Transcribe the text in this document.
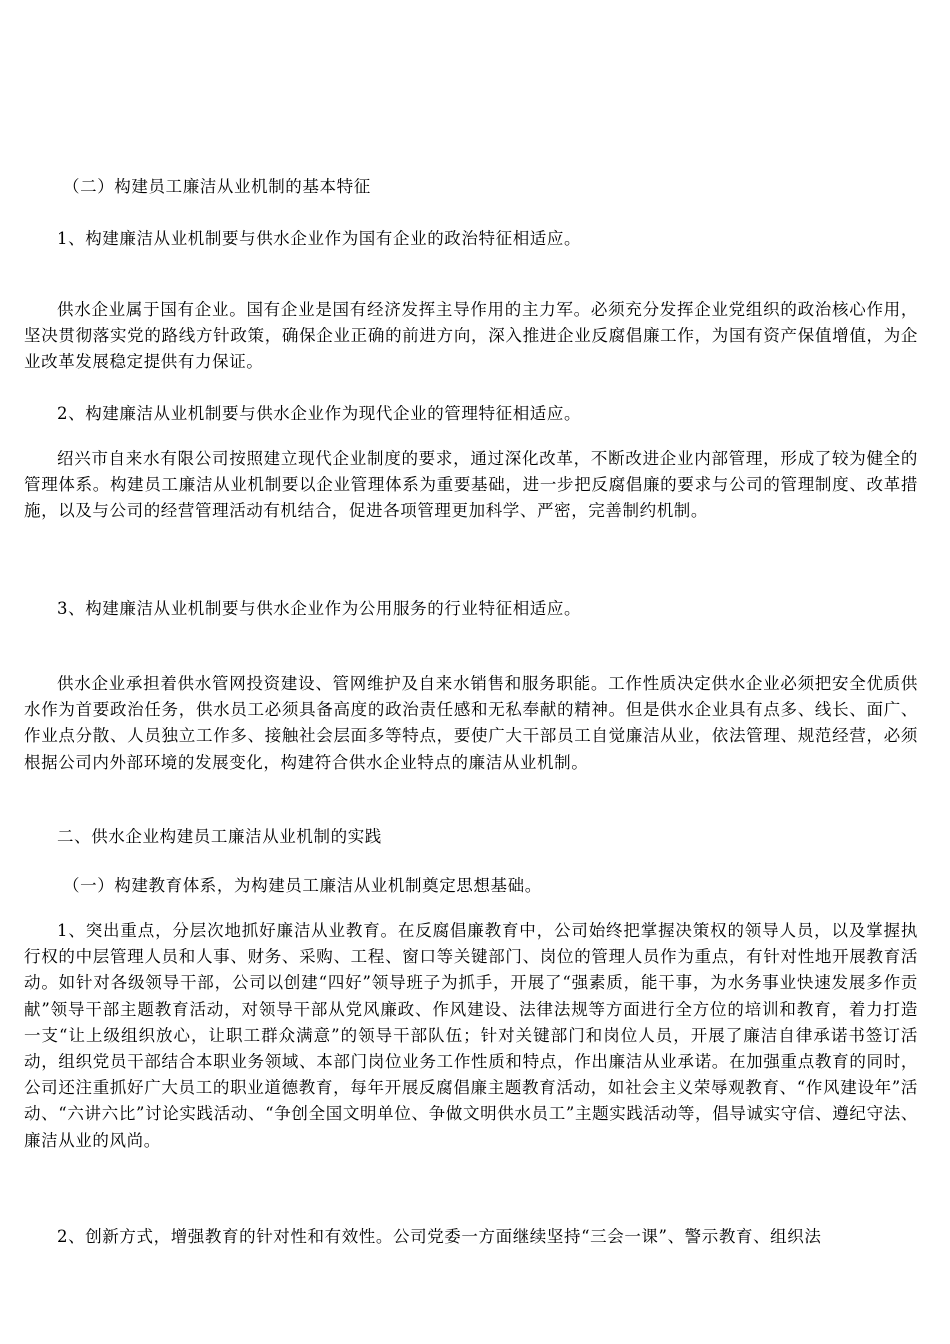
（二）构建员工廉洁从业机制的基本特征

1、构建廉洁从业机制要与供水企业作为国有企业的政治特征相适应。

供水企业属于国有企业。国有企业是国有经济发挥主导作用的主力军。必须充分发挥企业党组织的政治核心作用，坚决贯彻落实党的路线方针政策，确保企业正确的前进方向，深入推进企业反腐倡廉工作，为国有资产保值增值，为企业改革发展稳定提供有力保证。

2、构建廉洁从业机制要与供水企业作为现代企业的管理特征相适应。

绍兴市自来水有限公司按照建立现代企业制度的要求，通过深化改革，不断改进企业内部管理，形成了较为健全的管理体系。构建员工廉洁从业机制要以企业管理体系为重要基础，进一步把反腐倡廉的要求与公司的管理制度、改革措施，以及与公司的经营管理活动有机结合，促进各项管理更加科学、严密，完善制约机制。

3、构建廉洁从业机制要与供水企业作为公用服务的行业特征相适应。

供水企业承担着供水管网投资建设、管网维护及自来水销售和服务职能。工作性质决定供水企业必须把安全优质供水作为首要政治任务，供水员工必须具备高度的政治责任感和无私奉献的精神。但是供水企业具有点多、线长、面广、作业点分散、人员独立工作多、接触社会层面多等特点，要使广大干部员工自觉廉洁从业，依法管理、规范经营，必须根据公司内外部环境的发展变化，构建符合供水企业特点的廉洁从业机制。

二、供水企业构建员工廉洁从业机制的实践

（一）构建教育体系，为构建员工廉洁从业机制奠定思想基础。

1、突出重点，分层次地抓好廉洁从业教育。在反腐倡廉教育中，公司始终把掌握决策权的领导人员，以及掌握执行权的中层管理人员和人事、财务、采购、工程、窗口等关键部门、岗位的管理人员作为重点，有针对性地开展教育活动。如针对各级领导干部，公司以创建“四好”领导班子为抓手，开展了“强素质，能干事，为水务事业快速发展多作贡献”领导干部主题教育活动，对领导干部从党风廉政、作风建设、法律法规等方面进行全方位的培训和教育，着力打造一支“让上级组织放心，让职工群众满意”的领导干部队伍；针对关键部门和岗位人员，开展了廉洁自律承诺书签订活动，组织党员干部结合本职业务领域、本部门岗位业务工作性质和特点，作出廉洁从业承诺。在加强重点教育的同时，公司还注重抓好广大员工的职业道德教育，每年开展反腐倡廉主题教育活动，如社会主义荣辱观教育、“作风建设年”活动、“六讲六比”讨论实践活动、“争创全国文明单位、争做文明供水员工”主题实践活动等，倡导诚实守信、遵纪守法、廉洁从业的风尚。

2、创新方式，增强教育的针对性和有效性。公司党委一方面继续坚持“三会一课”、警示教育、组织法
